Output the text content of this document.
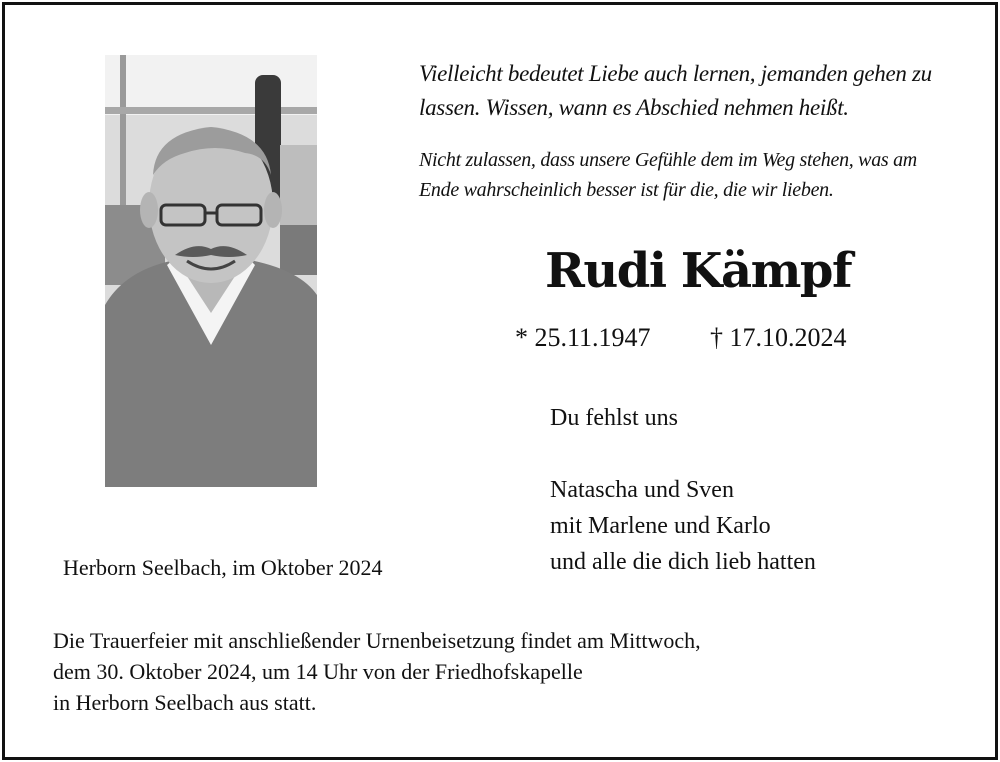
Vielleicht bedeutet Liebe auch lernen, jemanden gehen zu
lassen. Wissen, wann es Abschied nehmen heißt.
Nicht zulassen, dass unsere Gefühle dem im Weg stehen, was am
Ende wahrscheinlich besser ist für die, die wir lieben.
Rudi Kämpf
* 25.11.1947 † 17.10.2024
Du fehlst uns
Natascha und Sven
mit Marlene und Karlo
und alle die dich lieb hatten
Herborn Seelbach, im Oktober 2024
Die Trauerfeier mit anschließender Urnenbeisetzung findet am Mittwoch,
dem 30. Oktober 2024, um 14 Uhr von der Friedhofskapelle
in Herborn Seelbach aus statt.
